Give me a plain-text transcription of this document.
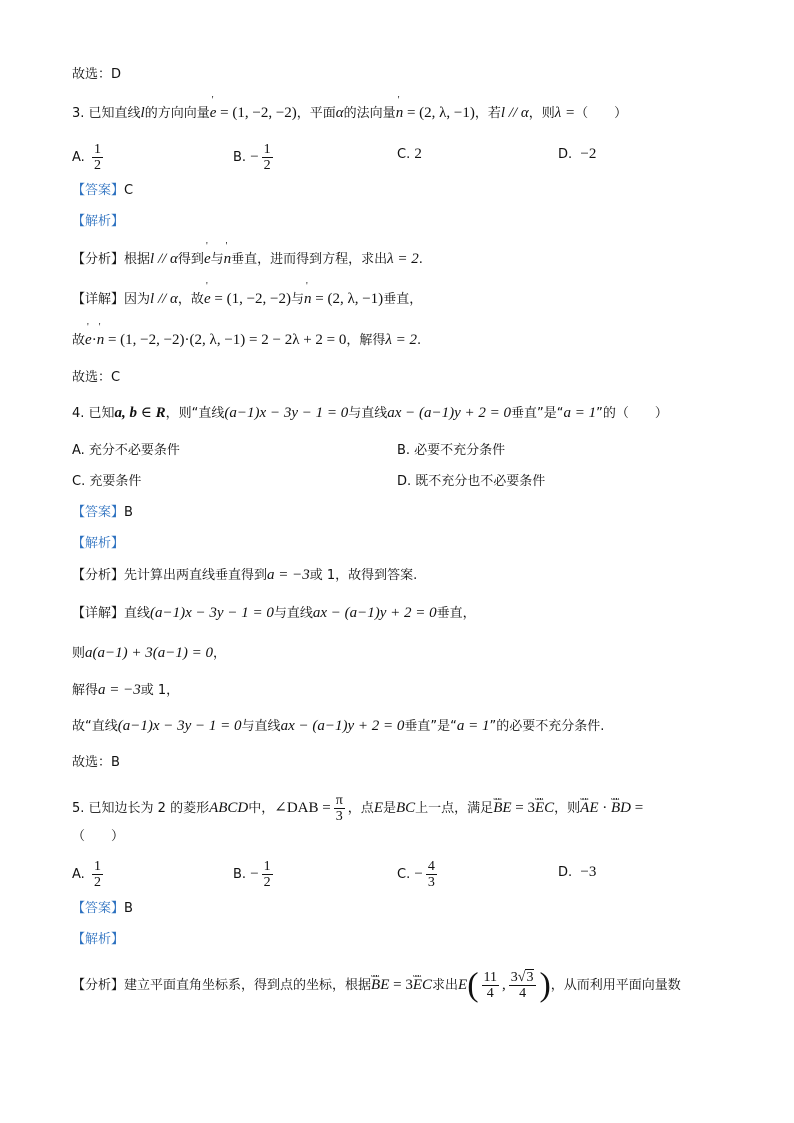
故选：D
3. 已知直线l的方向向量' e = (1, −2, −2)，平面α的法向量' n = (2, λ, −1)，若l // α，则λ =（　　）
A. $\frac{1}{2}$	B. − $\frac{1}{2}$	C. 2	D. −2
【答案】C
【解析】
【分析】根据l // α得到' e与' n垂直，进而得到方程，求出λ = 2.
【详解】因为l // α，故' e = (1, −2, −2)与' n = (2, λ, −1)垂直，
故' e·' n = (1, −2, −2)·(2, λ, −1) = 2 − 2λ + 2 = 0，解得λ = 2.
故选：C
4. 已知a, b ∈ R，则“直线(a−1)x − 3y − 1 = 0与直线ax − (a−1)y + 2 = 0垂直”是“a = 1”的（　　）
A. 充分不必要条件	B. 必要不充分条件
C. 充要条件	D. 既不充分也不必要条件
【答案】B
【解析】
【分析】先计算出两直线垂直得到a = −3或 1，故得到答案.
【详解】直线(a−1)x − 3y − 1 = 0与直线ax − (a−1)y + 2 = 0垂直，
则a(a−1) + 3(a−1) = 0，
解得a = −3或 1，
故“直线(a−1)x − 3y − 1 = 0与直线ax − (a−1)y + 2 = 0垂直”是“a = 1”的必要不充分条件.
故选：B
5. 已知边长为 2 的菱形ABCD中，∠DAB = $\frac{\pi}{3}$ ，点E是BC上一点，满足uuu BE = 3uuu EC，则uuu AE · uuu BD =
（　　）
A. $\frac{1}{2}$	B. − $\frac{1}{2}$	C. − $\frac{4}{3}$	D. −3
【答案】B
【解析】
【分析】建立平面直角坐标系，得到点的坐标，根据uuu BE = 3uuu EC求出$E( \frac{11}{4}$ , $\frac{3√3}{4}$ )，从而利用平面向量数
